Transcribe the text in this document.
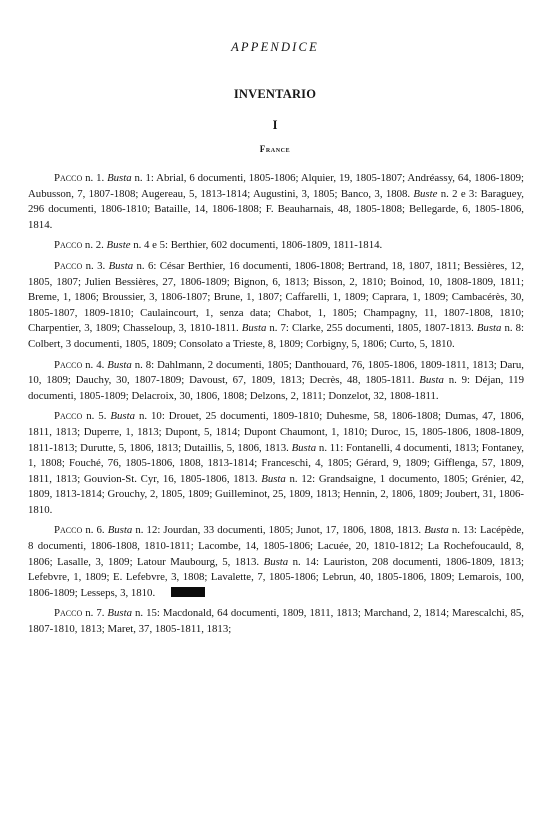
APPENDICE
INVENTARIO
I
France

Pacco n. 1. Busta n. 1: Abrial, 6 documenti, 1805-1806; Alquier, 19, 1805-1807; Andréassy, 64, 1806-1809; Aubusson, 7, 1807-1808; Augereau, 5, 1813-1814; Augustini, 3, 1805; Banco, 3, 1808. Buste n. 2 e 3: Baraguey, 296 documenti, 1806-1810; Bataille, 14, 1806-1808; F. Beauharnais, 48, 1805-1808; Bellegarde, 6, 1805-1806, 1814.

Pacco n. 2. Buste n. 4 e 5: Berthier, 602 documenti, 1806-1809, 1811-1814.

Pacco n. 3. Busta n. 6: César Berthier, 16 documenti, 1806-1808; Bertrand, 18, 1807, 1811; Bessières, 12, 1805, 1807; Julien Bessières, 27, 1806-1809; Bignon, 6, 1813; Bisson, 2, 1810; Boinod, 10, 1808-1809, 1811; Breme, 1, 1806; Broussier, 3, 1806-1807; Brune, 1, 1807; Caffarelli, 1, 1809; Caprara, 1, 1809; Cambacérès, 30, 1805-1807, 1809-1810; Caulaincourt, 1, senza data; Chabot, 1, 1805; Champagny, 11, 1807-1808, 1810; Charpentier, 3, 1809; Chasseloup, 3, 1810-1811. Busta n. 7: Clarke, 255 documenti, 1805, 1807-1813. Busta n. 8: Colbert, 3 documenti, 1805, 1809; Consolato a Trieste, 8, 1809; Corbigny, 5, 1806; Curto, 5, 1810.

Pacco n. 4. Busta n. 8: Dahlmann, 2 documenti, 1805; Danthouard, 76, 1805-1806, 1809-1811, 1813; Daru, 10, 1809; Dauchy, 30, 1807-1809; Davoust, 67, 1809, 1813; Decrès, 48, 1805-1811. Busta n. 9: Déjan, 119 documenti, 1805-1809; Delacroix, 30, 1806, 1808; Delzons, 2, 1811; Donzelot, 32, 1808-1811.

Pacco n. 5. Busta n. 10: Drouet, 25 documenti, 1809-1810; Duhesme, 58, 1806-1808; Dumas, 47, 1806, 1811, 1813; Duperre, 1, 1813; Dupont, 5, 1814; Dupont Chaumont, 1, 1810; Duroc, 15, 1805-1806, 1808-1809, 1811-1813; Durutte, 5, 1806, 1813; Dutaillis, 5, 1806, 1813. Busta n. 11: Fontanelli, 4 documenti, 1813; Fontaney, 1, 1808; Fouché, 76, 1805-1806, 1808, 1813-1814; Franceschi, 4, 1805; Gérard, 9, 1809; Gifflenga, 57, 1809, 1811, 1813; Gouvion-St. Cyr, 16, 1805-1806, 1813. Busta n. 12: Grandsaigne, 1 documento, 1805; Grénier, 42, 1809, 1813-1814; Grouchy, 2, 1805, 1809; Guilleminot, 25, 1809, 1813; Hennin, 2, 1806, 1809; Joubert, 31, 1806-1810.

Pacco n. 6. Busta n. 12: Jourdan, 33 documenti, 1805; Junot, 17, 1806, 1808, 1813. Busta n. 13: Lacépède, 8 documenti, 1806-1808, 1810-1811; Lacombe, 14, 1805-1806; Lacuée, 20, 1810-1812; La Rochefoucauld, 8, 1806; Lasalle, 3, 1809; Latour Maubourg, 5, 1813. Busta n. 14: Lauriston, 208 documenti, 1806-1809, 1813; Lefebvre, 1, 1809; E. Lefebvre, 3, 1808; Lavalette, 7, 1805-1806; Lebrun, 40, 1805-1806, 1809; Lemarois, 100, 1806-1809; Lesseps, 3, 1810.

Pacco n. 7. Busta n. 15: Macdonald, 64 documenti, 1809, 1811, 1813; Marchand, 2, 1814; Marescalchi, 85, 1807-1810, 1813; Maret, 37, 1805-1811, 1813;
